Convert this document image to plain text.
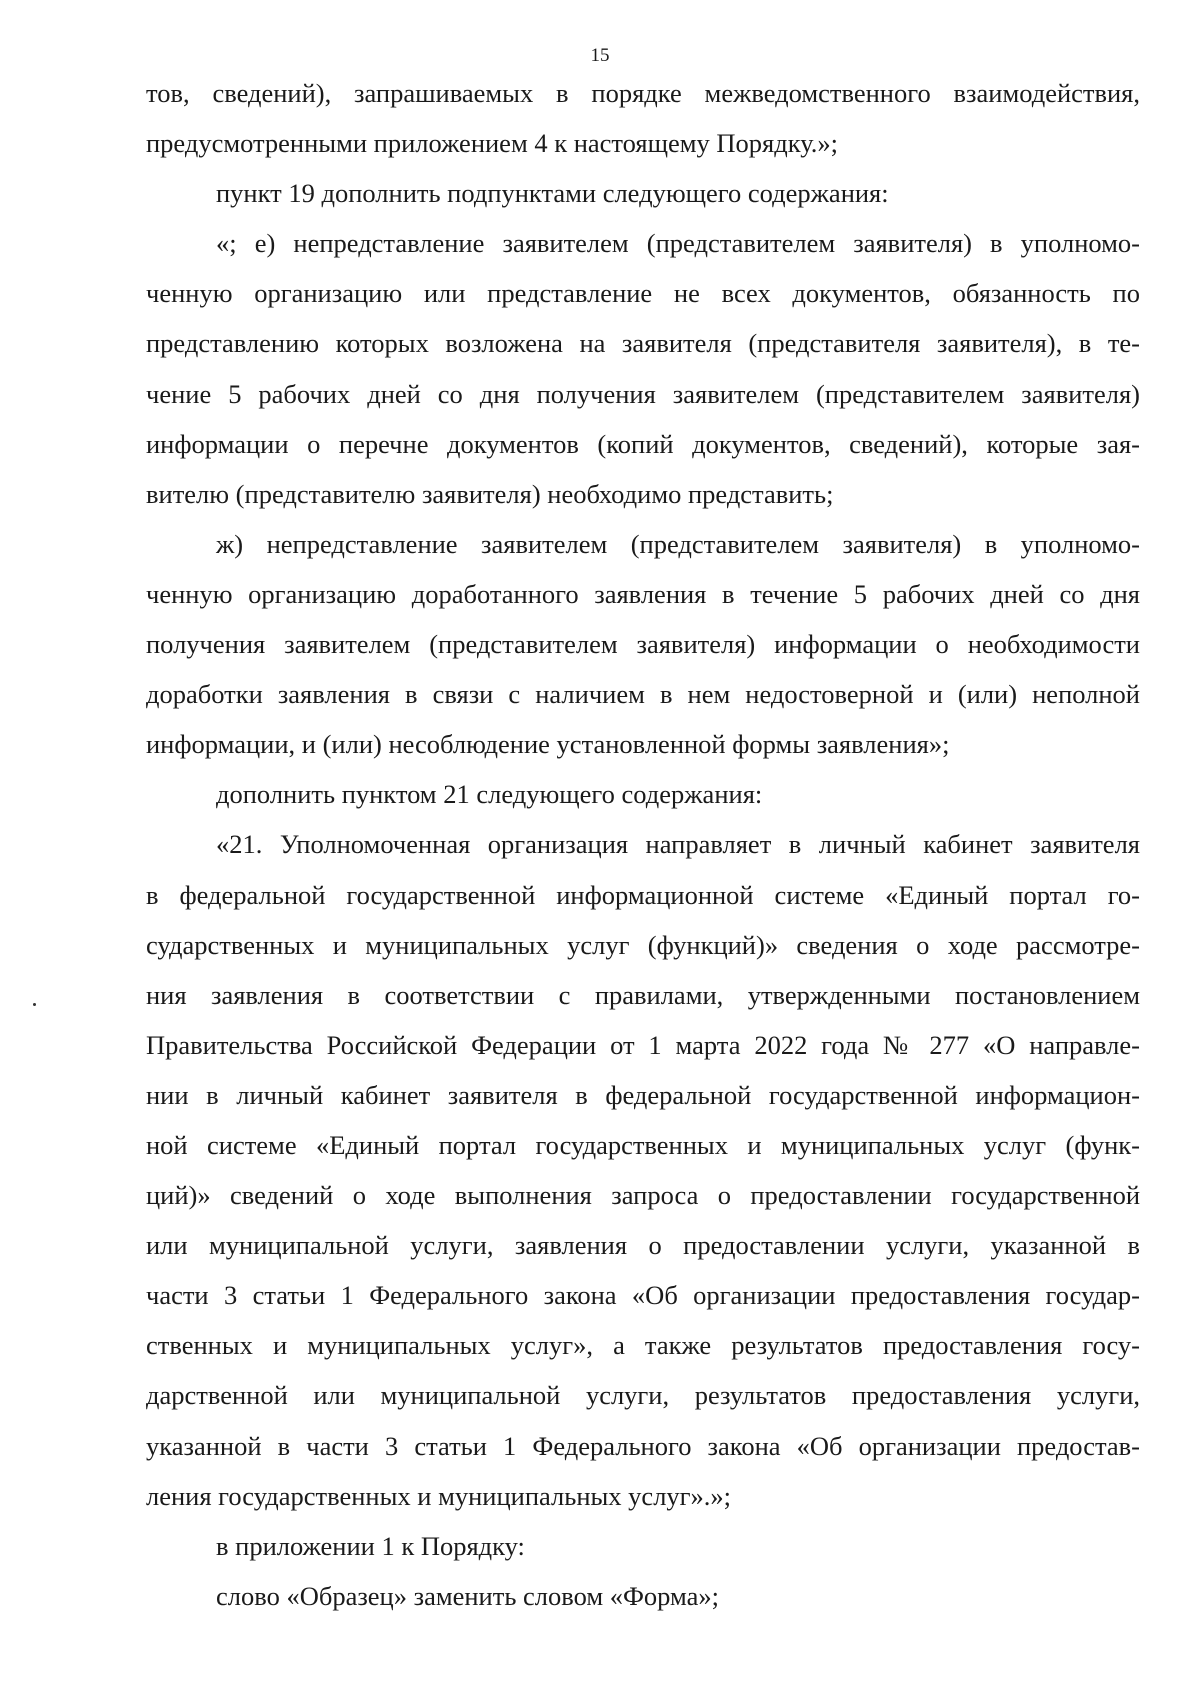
15

тов, сведений), запрашиваемых в порядке межведомственного взаимодействия,

предусмотренными приложением 4 к настоящему Порядку.»;

пункт 19 дополнить подпунктами следующего содержания:

«; е) непредставление заявителем (представителем заявителя) в уполномо-

ченную организацию или представление не всех документов, обязанность по

представлению которых возложена на заявителя (представителя заявителя), в те-

чение 5 рабочих дней со дня получения заявителем (представителем заявителя)

информации о перечне документов (копий документов, сведений), которые зая-

вителю (представителю заявителя) необходимо представить;

ж) непредставление заявителем (представителем заявителя) в уполномо-

ченную организацию доработанного заявления в течение 5 рабочих дней со дня

получения заявителем (представителем заявителя) информации о необходимости

доработки заявления в связи с наличием в нем недостоверной и (или) неполной

информации, и (или) несоблюдение установленной формы заявления»;

дополнить пунктом 21 следующего содержания:

«21. Уполномоченная организация направляет в личный кабинет заявителя

в федеральной государственной информационной системе «Единый портал го-

сударственных и муниципальных услуг (функций)» сведения о ходе рассмотре-

ния заявления в соответствии с правилами, утвержденными постановлением

Правительства Российской Федерации от 1 марта 2022 года № 277 «О направле-

нии в личный кабинет заявителя в федеральной государственной информацион-

ной системе «Единый портал государственных и муниципальных услуг (функ-

ций)» сведений о ходе выполнения запроса о предоставлении государственной

или муниципальной услуги, заявления о предоставлении услуги, указанной в

части 3 статьи 1 Федерального закона «Об организации предоставления государ-

ственных и муниципальных услуг», а также результатов предоставления госу-

дарственной или муниципальной услуги, результатов предоставления услуги,

указанной в части 3 статьи 1 Федерального закона «Об организации предостав-

ления государственных и муниципальных услуг».»;

в приложении 1 к Порядку:

слово «Образец» заменить словом «Форма»;
